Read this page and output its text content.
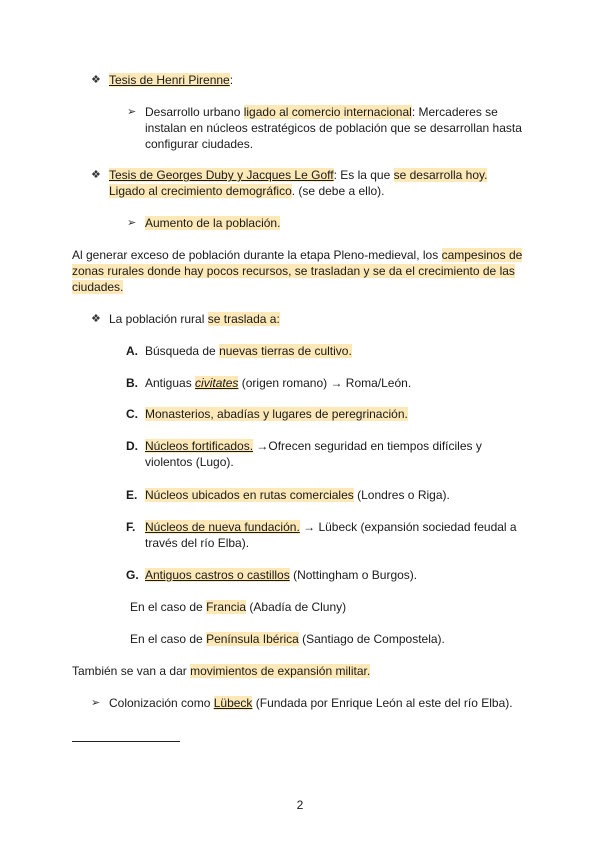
❖ Tesis de Henri Pirenne:
➢ Desarrollo urbano ligado al comercio internacional: Mercaderes se
instalan en núcleos estratégicos de población que se desarrollan hasta
configurar ciudades.
❖ Tesis de Georges Duby y Jacques Le Goff: Es la que se desarrolla hoy.
Ligado al crecimiento demográfico. (se debe a ello).
➢ Aumento de la población.
Al generar exceso de población durante la etapa Pleno-medieval, los campesinos de
zonas rurales donde hay pocos recursos, se trasladan y se da el crecimiento de las
ciudades.
❖ La población rural se traslada a:
A. Búsqueda de nuevas tierras de cultivo.
B. Antiguas civitates (origen romano) → Roma/León.
C. Monasterios, abadías y lugares de peregrinación.
D. Núcleos fortificados. →Ofrecen seguridad en tiempos difíciles y
violentos (Lugo).
E. Núcleos ubicados en rutas comerciales (Londres o Riga).
F. Núcleos de nueva fundación. → Lübeck (expansión sociedad feudal a
través del río Elba).
G. Antiguos castros o castillos (Nottingham o Burgos).
En el caso de Francia (Abadía de Cluny)
En el caso de Península Ibérica (Santiago de Compostela).
También se van a dar movimientos de expansión militar.
➢ Colonización como Lübeck (Fundada por Enrique León al este del río Elba).
2
